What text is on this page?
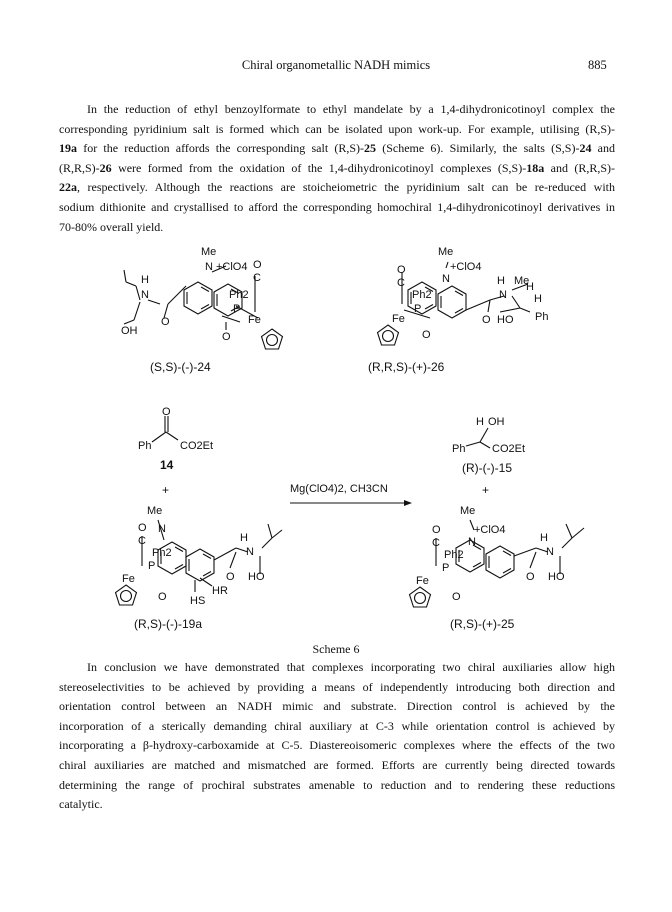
Chiral organometallic NADH mimics	885
In the reduction of ethyl benzoylformate to ethyl mandelate by a 1,4-dihydronicotinoyl complex the
corresponding pyridinium salt is formed which can be isolated upon work-up. For example, utilising (R,S)-
19a for the reduction affords the corresponding salt (R,S)-25 (Scheme 6). Similarly, the salts (S,S)-24 and
(R,R,S)-26 were formed from the oxidation of the 1,4-dihydronicotinoyl complexes (S,S)-18a and (R,R,S)-
22a, respectively. Although the reactions are stoicheiometric the pyridinium salt can be re-reduced with
sodium dithionite and crystallised to afford the corresponding homochiral 1,4-dihydronicotinoyl derivatives in
70-80% overall yield.
Me
N +ClO4 O
C
Ph2
P
Fe
O
H
N
O
OH
(S,S)-(-)-24
Me
+ClO4
N
O
C
Ph2
P
Fe
O
H Me
N
H
H
O HO Ph
(R,R,S)-(+)-26
O
Ph	CO2Et
14
+
H OH
Ph CO2Et
(R)-(-)-15
+
Mg(ClO4)2, CH3CN
Me
N
O
C
Ph2
P
Fe
O
H
N
O HO
HR
HS
(R,S)-(-)-19a
Me
+ClO4
N
O
C
Ph2
P
Fe
O
H
N
O HO
(R,S)-(+)-25
Scheme 6
In conclusion we have demonstrated that complexes incorporating two chiral auxiliaries allow high
stereoselectivities to be achieved by providing a means of independently introducing both direction and
orientation control between an NADH mimic and substrate. Direction control is achieved by the
incorporation of a sterically demanding chiral auxiliary at C-3 while orientation control is achieved by
incorporating a β-hydroxy-carboxamide at C-5. Diastereoisomeric complexes where the effects of the two
chiral auxiliaries are matched and mismatched are formed. Efforts are currently being directed towards
determining the range of prochiral substrates amenable to reduction and to rendering these reductions
catalytic.
